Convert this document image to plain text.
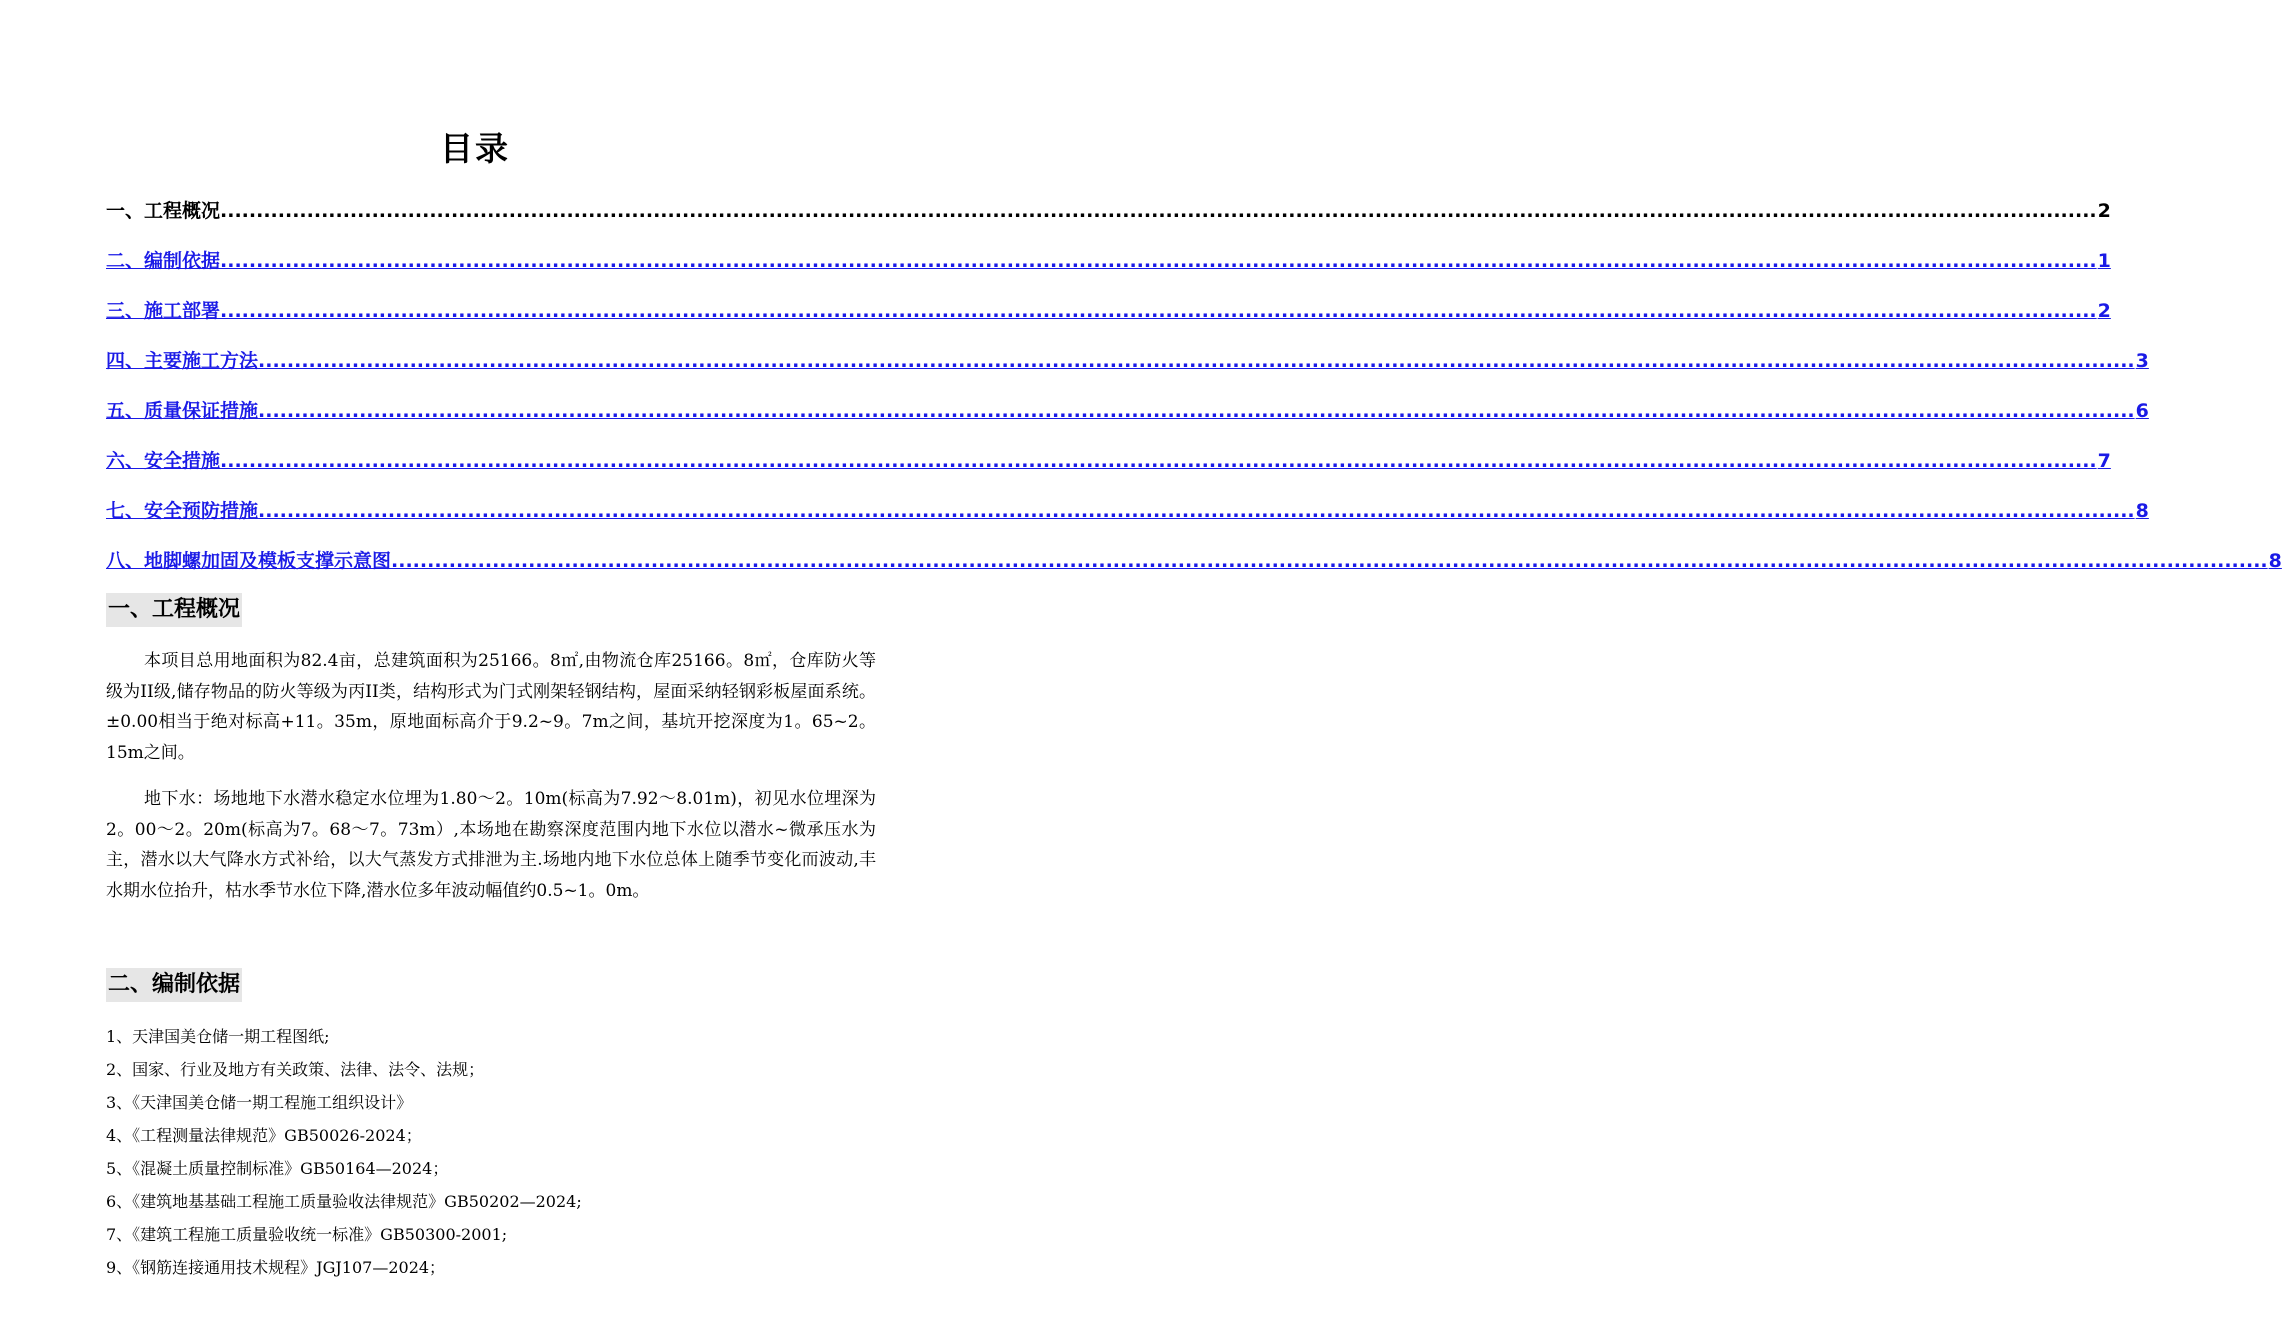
目录
一、工程概况 .................................................................................................................................................................................................................................................................... 2
二、编制依据 .................................................................................................................................................................................................................................................................... 1
三、施工部署 .................................................................................................................................................................................................................................................................... 2
四、主要施工方法 .................................................................................................................................................................................................................................................................... 3
五、质量保证措施 .................................................................................................................................................................................................................................................................... 6
六、安全措施 .................................................................................................................................................................................................................................................................... 7
七、安全预防措施 .................................................................................................................................................................................................................................................................... 8
八、地脚螺加固及模板支撑示意图 .................................................................................................................................................................................................................................................................... 8
一、工程概况
本项目总用地面积为82.4亩，总建筑面积为25166。8㎡,由物流仓库25166。8㎡，仓库防火等级为II级,储存物品的防火等级为丙II类，结构形式为门式刚架轻钢结构，屋面采纳轻钢彩板屋面系统。±0.00相当于绝对标高+11。35m，原地面标高介于9.2~9。7m之间，基坑开挖深度为1。65~2。15m之间。
地下水：场地地下水潜水稳定水位埋为1.80～2。10m(标高为7.92～8.01m)，初见水位埋深为2。00～2。20m(标高为7。68～7。73m）,本场地在勘察深度范围内地下水位以潜水~微承压水为主，潜水以大气降水方式补给，以大气蒸发方式排泄为主.场地内地下水位总体上随季节变化而波动,丰水期水位抬升，枯水季节水位下降,潜水位多年波动幅值约0.5~1。0m。
二、编制依据
1、天津国美仓储一期工程图纸;
2、国家、行业及地方有关政策、法律、法令、法规；
3、《天津国美仓储一期工程施工组织设计》
4、《工程测量法律规范》GB50026-2024；
5、《混凝土质量控制标准》GB50164—2024；
6、《建筑地基基础工程施工质量验收法律规范》GB50202—2024;
7、《建筑工程施工质量验收统一标准》GB50300-2001;
9、《钢筋连接通用技术规程》JGJ107—2024；
